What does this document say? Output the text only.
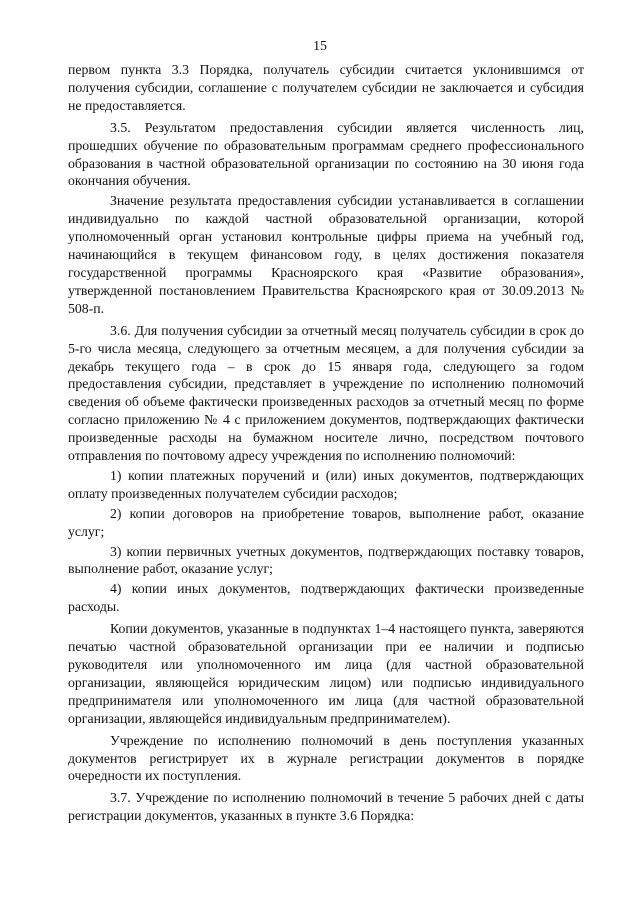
15

первом пункта 3.3 Порядка, получатель субсидии считается уклонившимся от получения субсидии, соглашение с получателем субсидии не заключается и субсидия не предоставляется.

3.5. Результатом предоставления субсидии является численность лиц, прошедших обучение по образовательным программам среднего профессионального образования в частной образовательной организации по состоянию на 30 июня года окончания обучения.

Значение результата предоставления субсидии устанавливается в соглашении индивидуально по каждой частной образовательной организации, которой уполномоченный орган установил контрольные цифры приема на учебный год, начинающийся в текущем финансовом году, в целях достижения показателя государственной программы Красноярского края «Развитие образования», утвержденной постановлением Правительства Красноярского края от 30.09.2013 № 508-п.

3.6. Для получения субсидии за отчетный месяц получатель субсидии в срок до 5-го числа месяца, следующего за отчетным месяцем, а для получения субсидии за декабрь текущего года – в срок до 15 января года, следующего за годом предоставления субсидии, представляет в учреждение по исполнению полномочий сведения об объеме фактически произведенных расходов за отчетный месяц по форме согласно приложению № 4 с приложением документов, подтверждающих фактически произведенные расходы на бумажном носителе лично, посредством почтового отправления по почтовому адресу учреждения по исполнению полномочий:

1) копии платежных поручений и (или) иных документов, подтверждающих оплату произведенных получателем субсидии расходов;

2) копии договоров на приобретение товаров, выполнение работ, оказание услуг;

3) копии первичных учетных документов, подтверждающих поставку товаров, выполнение работ, оказание услуг;

4) копии иных документов, подтверждающих фактически произведенные расходы.

Копии документов, указанные в подпунктах 1–4 настоящего пункта, заверяются печатью частной образовательной организации при ее наличии и подписью руководителя или уполномоченного им лица (для частной образовательной организации, являющейся юридическим лицом) или подписью индивидуального предпринимателя или уполномоченного им лица (для частной образовательной организации, являющейся индивидуальным предпринимателем).

Учреждение по исполнению полномочий в день поступления указанных документов регистрирует их в журнале регистрации документов в порядке очередности их поступления.

3.7. Учреждение по исполнению полномочий в течение 5 рабочих дней с даты регистрации документов, указанных в пункте 3.6 Порядка:
